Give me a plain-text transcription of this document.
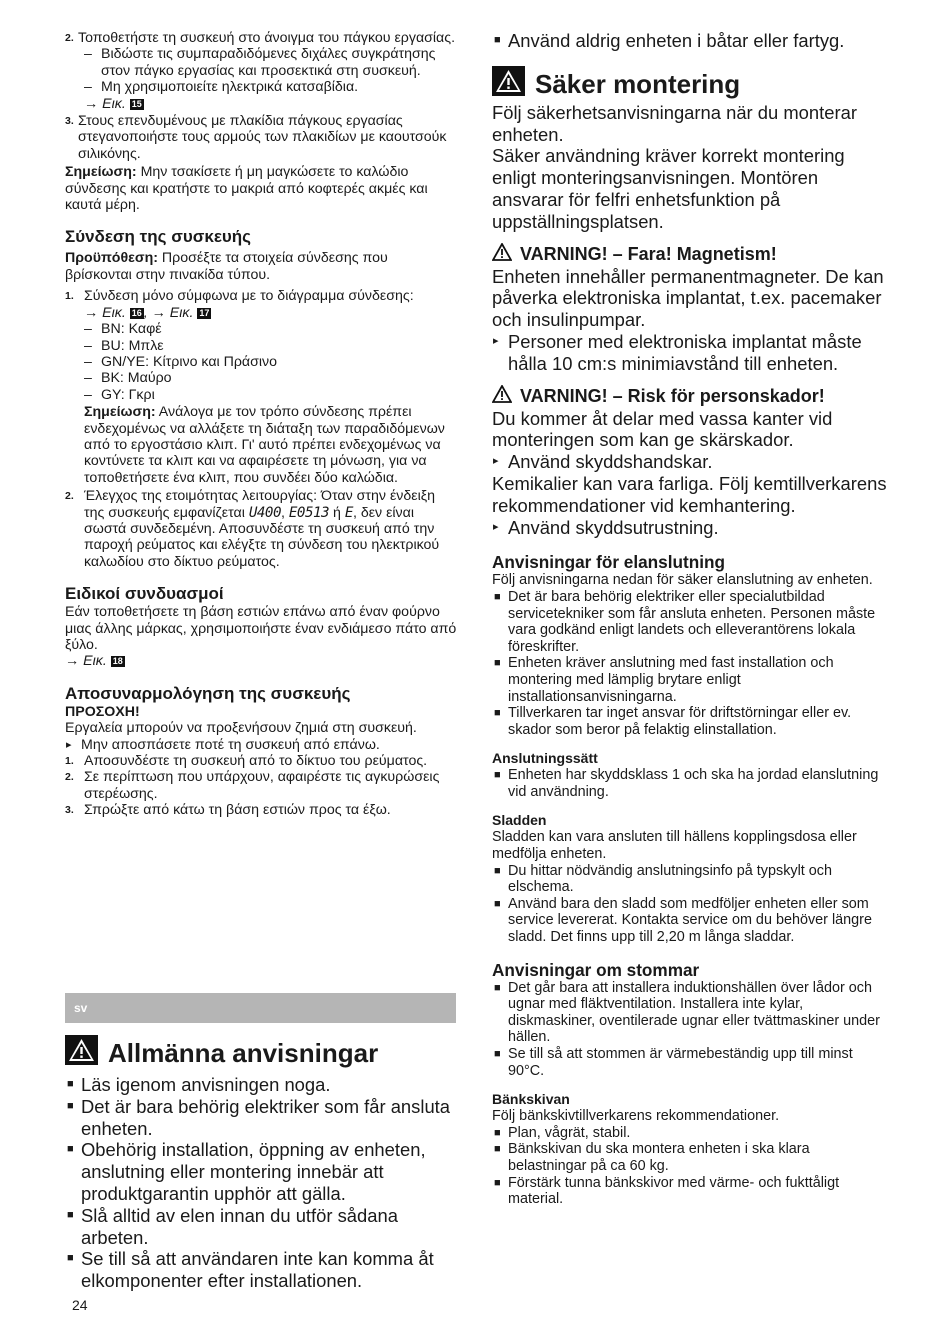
2. Τοποθετήστε τη συσκευή στο άνοιγμα του πάγκου εργασίας.

– Βιδώστε τις συμπαραδιδόμενες διχάλες συγκράτησης στον πάγκο εργασίας και προσεκτικά στη συσκευή.
– Μη χρησιμοποιείτε ηλεκτρικά κατσαβίδια.
→ Εικ. 15
3. Στους επενδυμένους με πλακίδια πάγκους εργασίας στεγανοποιήστε τους αρμούς των πλακιδίων με καουτσούκ σιλικόνης.

Σημείωση: Μην τσακίσετε ή μη μαγκώσετε το καλώδιο σύνδεσης και κρατήστε το μακριά από κοφτερές ακμές και καυτά μέρη.

Σύνδεση της συσκευής

Προϋπόθεση: Προσέξτε τα στοιχεία σύνδεσης που βρίσκονται στην πινακίδα τύπου.

1. Σύνδεση μόνο σύμφωνα με το διάγραμμα σύνδεσης:

→ Εικ. 16 , → Εικ. 17
– BN: Καφέ
– BU: Μπλε
– GN/YE: Κίτρινο και Πράσινο
– BK: Μαύρο
– GY: Γκρι

Σημείωση: Ανάλογα με τον τρόπο σύνδεσης πρέπει ενδεχομένως να αλλάξετε τη διάταξη των παραδιδόμενων από το εργοστάσιο κλιπ. Γι' αυτό πρέπει ενδεχομένως να κοντύνετε τα κλιπ και να αφαιρέσετε τη μόνωση, για να τοποθετήσετε ένα κλιπ, που συνδέει δύο καλώδια.

2. Έλεγχος της ετοιμότητας λειτουργίας: Όταν στην ένδειξη της συσκευής εμφανίζεται U400, E0513 ή E, δεν είναι σωστά συνδεδεμένη. Αποσυνδέστε τη συσκευή από την παροχή ρεύματος και ελέγξτε τη σύνδεση του ηλεκτρικού καλωδίου στο δίκτυο ρεύματος.

Ειδικοί συνδυασμοί

Εάν τοποθετήσετε τη βάση εστιών επάνω από έναν φούρνο μιας άλλης μάρκας, χρησιμοποιήστε έναν ενδιάμεσο πάτο από ξύλο.

→ Εικ. 18
Αποσυναρμολόγηση της συσκευής
ΠΡΟΣΟΧΗ!

Εργαλεία μπορούν να προξενήσουν ζημιά στη συσκευή.

▸ Μην αποσπάσετε ποτέ τη συσκευή από επάνω.
1. Αποσυνδέστε τη συσκευή από το δίκτυο του ρεύματος.

2. Σε περίπτωση που υπάρχουν, αφαιρέστε τις αγκυρώσεις στερέωσης.

3. Σπρώξτε από κάτω τη βάση εστιών προς τα έξω.

sv
Allmänna anvisningar
■ Läs igenom anvisningen noga.
■ Det är bara behörig elektriker som får ansluta enheten.
■ Obehörig installation, öppning av enheten, anslutning eller montering innebär att produktgarantin upphör att gälla.
■ Slå alltid av elen innan du utför sådana arbeten.
■ Se till så att användaren inte kan komma åt elkomponenter efter installationen.
24
■ Använd aldrig enheten i båtar eller fartyg.
Säker montering

Följ säkerhetsanvisningarna när du monterar enheten.

Säker användning kräver korrekt montering enligt monteringsanvisningen. Montören ansvarar för felfri enhetsfunktion på uppställningsplatsen.

VARNING! – Fara! Magnetism!

Enheten innehåller permanentmagneter. De kan påverka elektroniska implantat, t.ex. pacemaker och insulinpumpar.

▸ Personer med elektroniska implantat måste hålla 10 cm:s minimiavstånd till enheten.
VARNING! – Risk för personskador!

Du kommer åt delar med vassa kanter vid monteringen som kan ge skärskador.

▸ Använd skyddshandskar.

Kemikalier kan vara farliga. Följ kemtillverkarens rekommendationer vid kemhantering.

▸ Använd skyddsutrustning.
Anvisningar för elanslutning

Följ anvisningarna nedan för säker elanslutning av enheten.

■ Det är bara behörig elektriker eller specialutbildad servicetekniker som får ansluta enheten. Personen måste vara godkänd enligt landets och elleverantörens lokala föreskrifter.
■ Enheten kräver anslutning med fast installation och montering med lämplig brytare enligt installationsanvisningarna.
■ Tillverkaren tar inget ansvar för driftstörningar eller ev. skador som beror på felaktig elinstallation.
Anslutningssätt
■ Enheten har skyddsklass 1 och ska ha jordad elanslutning vid användning.
Sladden

Sladden kan vara ansluten till hällens kopplingsdosa eller medfölja enheten.

■ Du hittar nödvändig anslutningsinfo på typskylt och elschema.
■ Använd bara den sladd som medföljer enheten eller som service levererat. Kontakta service om du behöver längre sladd. Det finns upp till 2,20 m långa sladdar.
Anvisningar om stommar
■ Det går bara att installera induktionshällen över lådor och ugnar med fläktventilation. Installera inte kylar, diskmaskiner, oventilerade ugnar eller tvättmaskiner under hällen.
■ Se till så att stommen är värmebeständig upp till minst 90°C.
Bänkskivan

Följ bänkskivtillverkarens rekommendationer.

■ Plan, vågrät, stabil.
■ Bänkskivan du ska montera enheten i ska klara belastningar på ca 60 kg.
■ Förstärk tunna bänkskivor med värme- och fukttåligt material.
